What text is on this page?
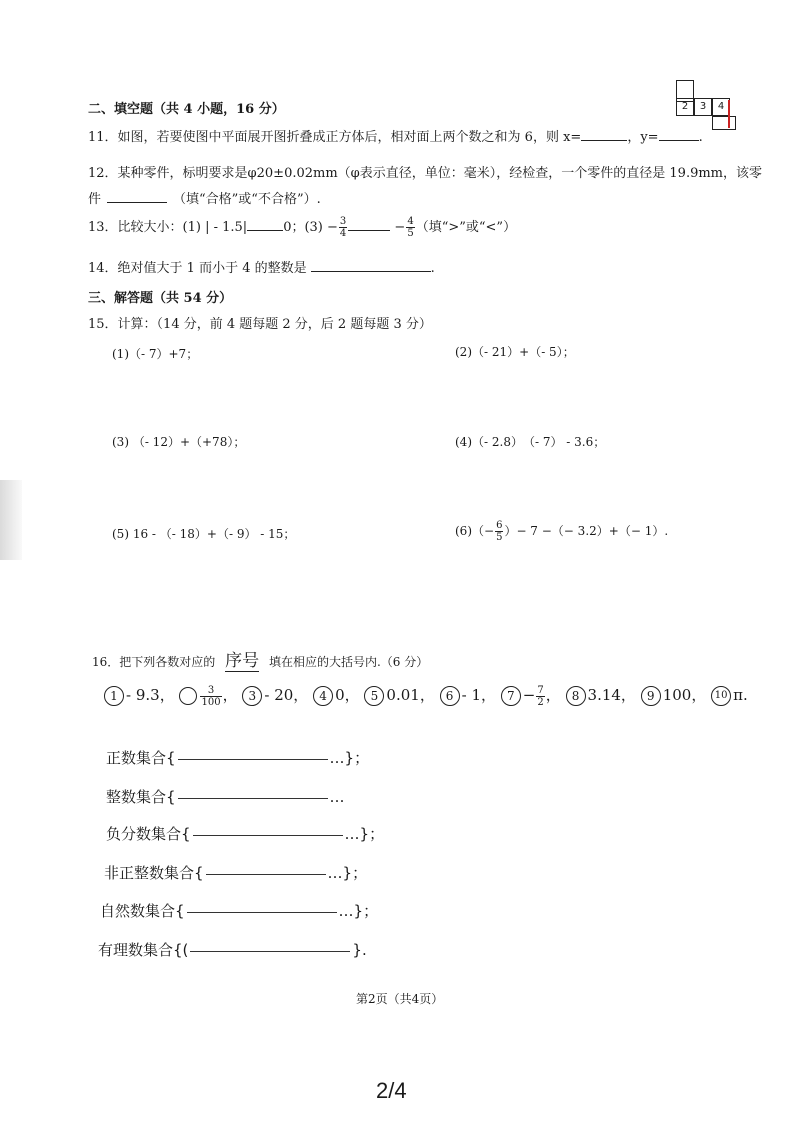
2	3	4
二、填空题（共 4 小题，16 分）
11．如图，若要使图中平面展开图折叠成正方体后，相对面上两个数之和为 6，则 x=	，y=	.
12．某种零件，标明要求是φ20±0.02mm（φ表示直径，单位：毫米），经检查，一个零件的直径是 19.9mm，该零
件	（填“合格”或“不合格”）.
13．比较大小：(1) | - 1.5|	0；$(3) - \frac{3}{4}$	− $\frac{4}{5}$ （填“>”或“<”）
14．绝对值大于 1 而小于 4 的整数是	.
三、解答题（共 54 分）
15．计算：（14 分，前 4 题每题 2 分，后 2 题每题 3 分）
(1)（- 7）+7；	(2)（- 21）+（- 5）；
(3) （- 12）+（+78）；	(4)（- 2.8）　（- 7） - 3.6；
(5) 16 - （- 18）+（- 9） - 15；	$(6)(- \frac{6}{5}$ ）− 7 −（− 3.2）+（− 1）.
16．把下列各数对应的 序号 填在相应的大括号内.（6 分）
1 - 9.3，	$\frac{3}{100}$ ， 3 - 20， 4 0， 5 0.01， 6 - 1， $7 - \frac{7}{2}$ ， 8 3.14， 9 100， 10 π.
正数集合{	…}；
整数集合{	…
负分数集合{	…}；
非正整数集合{	…}；
自然数集合{	…}；
有理数集合{(	}.
第2页（共4页）
2/4
